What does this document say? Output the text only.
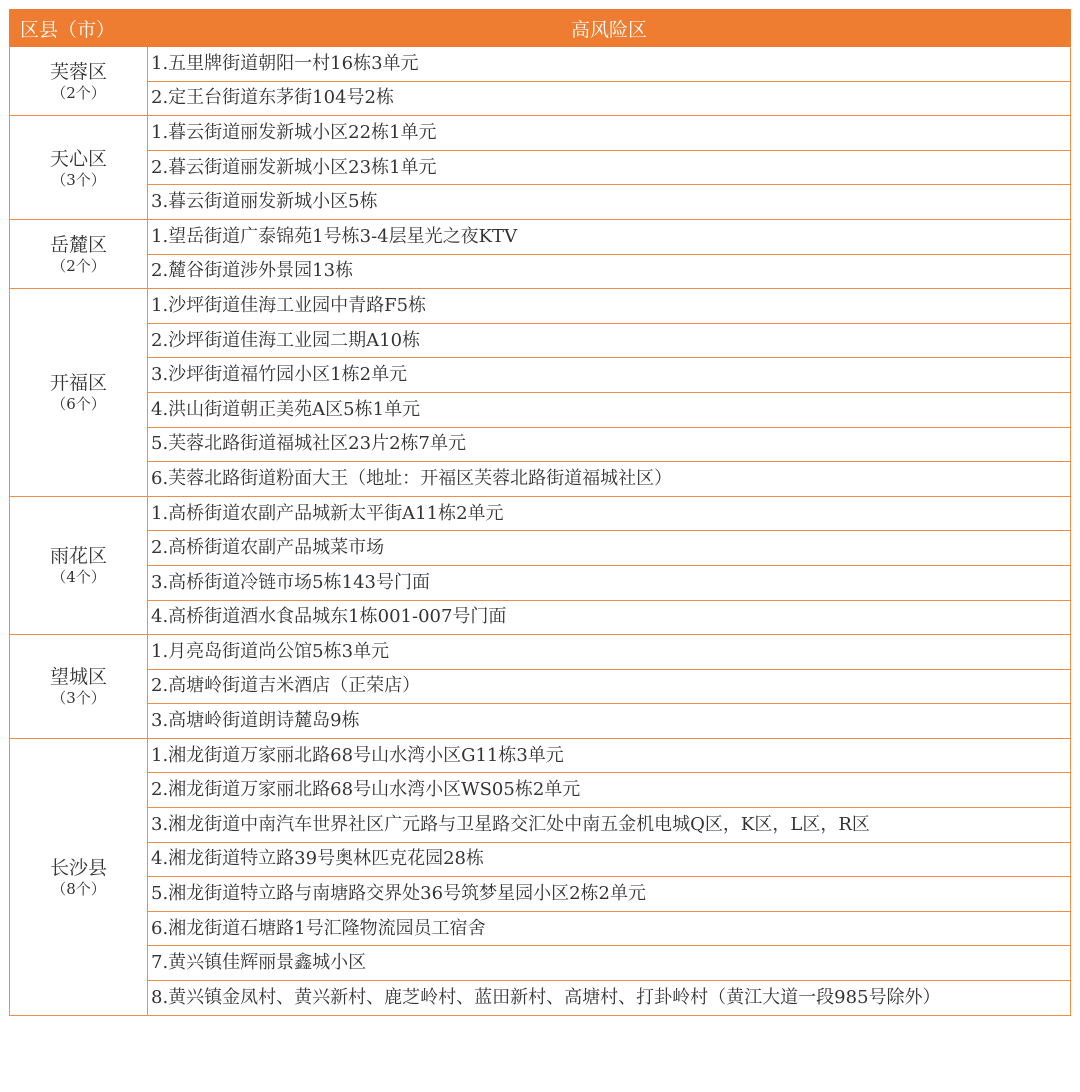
区县（市）	高风险区

芙蓉区
（2个）	1.五里牌街道朝阳一村16栋3单元
	2.定王台街道东茅街104号2栋

天心区
（3个）	1.暮云街道丽发新城小区22栋1单元
	2.暮云街道丽发新城小区23栋1单元
	3.暮云街道丽发新城小区5栋

岳麓区
（2个）	1.望岳街道广泰锦苑1号栋3-4层星光之夜KTV
	2.麓谷街道涉外景园13栋

开福区
（6个）	1.沙坪街道佳海工业园中青路F5栋
	2.沙坪街道佳海工业园二期A10栋
	3.沙坪街道福竹园小区1栋2单元
	4.洪山街道朝正美苑A区5栋1单元
	5.芙蓉北路街道福城社区23片2栋7单元
	6.芙蓉北路街道粉面大王（地址：开福区芙蓉北路街道福城社区）

雨花区
（4个）	1.高桥街道农副产品城新太平街A11栋2单元
	2.高桥街道农副产品城菜市场
	3.高桥街道冷链市场5栋143号门面
	4.高桥街道酒水食品城东1栋001-007号门面

望城区
（3个）	1.月亮岛街道尚公馆5栋3单元
	2.高塘岭街道吉米酒店（正荣店）
	3.高塘岭街道朗诗麓岛9栋

长沙县
（8个）	1.湘龙街道万家丽北路68号山水湾小区G11栋3单元
	2.湘龙街道万家丽北路68号山水湾小区WS05栋2单元
	3.湘龙街道中南汽车世界社区广元路与卫星路交汇处中南五金机电城Q区，K区，L区，R区
	4.湘龙街道特立路39号奥林匹克花园28栋
	5.湘龙街道特立路与南塘路交界处36号筑梦星园小区2栋2单元
	6.湘龙街道石塘路1号汇隆物流园员工宿舍
	7.黄兴镇佳辉丽景鑫城小区
	8.黄兴镇金凤村、黄兴新村、鹿芝岭村、蓝田新村、高塘村、打卦岭村（黄江大道一段985号除外）
